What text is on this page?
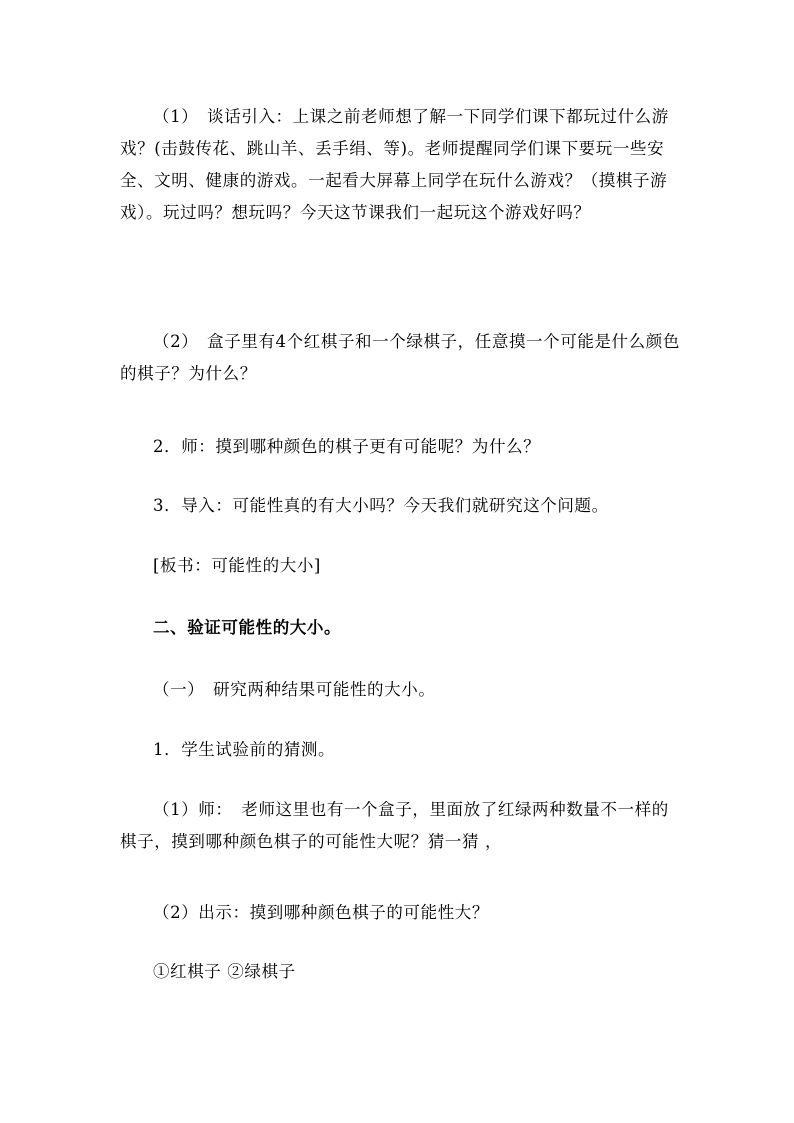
（1）　谈话引入：上课之前老师想了解一下同学们课下都玩过什么游戏？(击鼓传花、跳山羊、丢手绢、等)。老师提醒同学们课下要玩一些安全、文明、健康的游戏。一起看大屏幕上同学在玩什么游戏？（摸棋子游戏）。玩过吗？想玩吗？今天这节课我们一起玩这个游戏好吗？

（2）　盒子里有4个红棋子和一个绿棋子，任意摸一个可能是什么颜色的棋子？为什么？

2．师：摸到哪种颜色的棋子更有可能呢？为什么？

3．导入：可能性真的有大小吗？今天我们就研究这个问题。

[板书：可能性的大小]

二、验证可能性的大小。

（一）　研究两种结果可能性的大小。

1．学生试验前的猜测。

（1）师：　老师这里也有一个盒子，里面放了红绿两种数量不一样的棋子，摸到哪种颜色棋子的可能性大呢？猜一猜 ，

（2）出示：摸到哪种颜色棋子的可能性大？

①红棋子 ②绿棋子
